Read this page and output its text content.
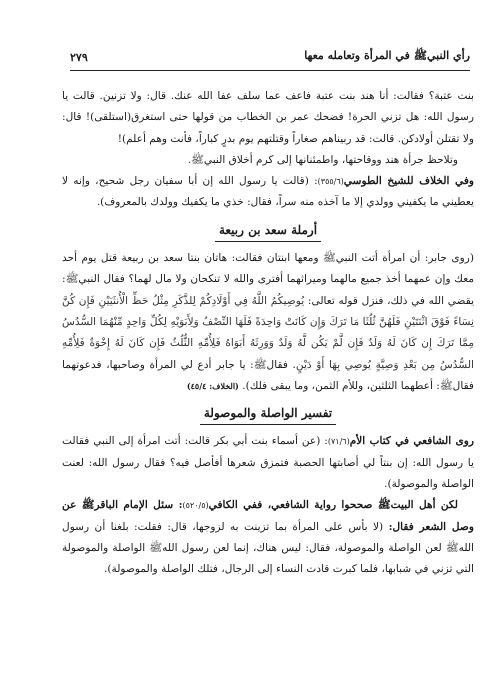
رأي النبيﷺ في المرأة وتعامله معها
٢٧٩

بنت عتبة؟ فقالت: أنا هند بنت عتبة فاعف عما سلف عفا الله عنك. قال: ولا تزنين. قالت يا رسول الله: هل تزني الحرة! فضحك عمر بن الخطاب من قولها حتى استغرق(استلقى)! قال: ولا تقتلن أولادكن. قالت: قد ربيناهم صغاراً وقتلتهم يوم بدرٍ كباراً، فأنت وهم أعلم)!

وتلاحظ جرأة هند ووقاحتها، واطمئنانها إلى كرم أخلاق النبيﷺ.

وفي الخلاف للشيخ الطوسي(٣٥٥/٦): (قالت يا رسول الله إن أبا سفيان رجل شحيح، وإنه لا يعطيني ما يكفيني وولدي إلا ما آخذه منه سراً، فقال: خذي ما يكفيك وولدك بالمعروف).

أرملة سعد بن ربيعة

(روى جابر: أن امرأة أتت النبيﷺ ومعها ابنتان فقالت: هاتان بنتا سعد بن ربيعة قتل يوم أحد معك وإن عمهما أخذ جميع مالهما وميراثهما أفترى والله لا تنكحان ولا مال لهما؟ فقال النبيﷺ: يقضي الله في ذلك، فنزل قوله تعالى: يُوصِيكُمُ اللَّهُ فِي أَوْلَادِكُمْ لِلذَّكَرِ مِثْلُ حَظِّ الْأُنثَيَيْنِ فَإِن كُنَّ نِسَاءً فَوْقَ اثْنَتَيْنِ فَلَهُنَّ ثُلُثَا مَا تَرَكَ وَإِن كَانَتْ وَاحِدَةً فَلَهَا النِّصْفُ وَلِأَبَوَيْهِ لِكُلِّ وَاحِدٍ مِّنْهُمَا السُّدُسُ مِمَّا تَرَكَ إِن كَانَ لَهُ وَلَدٌ فَإِن لَّمْ يَكُن لَّهُ وَلَدٌ وَوَرِثَهُ أَبَوَاهُ فَلِأُمِّهِ الثُّلُثُ فَإِن كَانَ لَهُ إِخْوَةٌ فَلِأُمِّهِ السُّدُسُ مِن بَعْدِ وَصِيَّةٍ يُوصِي بِهَا أَوْ دَيْنٍ. فقالﷺ: يا جابر أدع لي المرأة وصاحبها، فدعوتهما فقالﷺ: أعطهما الثلثين، وللأم الثمن، وما يبقى فلك). (الخلاف: ٤٥/٤)

تفسير الواصلة والموصولة

روى الشافعي في كتاب الأم(٧١/٦): (عن أسماء بنت أبي بكر قالت: أتت امرأة إلى النبي فقالت يا رسول الله: إن بنتاً لي أصابتها الحصبة فتمزق شعرها أفأصل فيه؟ فقال رسول الله: لعنت الواصلة والموصولة).

لكن أهل البيتﷺ صححوا رواية الشافعي، ففي الكافي(٥٢٠/٥): سئل الإمام الباقرﷺ عن وصل الشعر فقال: (لا بأس على المرأة بما تزينت به لزوجها، قال: فقلت: بلغنا أن رسول اللهﷺ لعن الواصلة والموصولة، فقال: ليس هناك، إنما لعن رسول اللهﷺ الواصلة والموصولة التي تزني في شبابها، فلما كبرت قادت النساء إلى الرجال، فتلك الواصلة والموصولة).
